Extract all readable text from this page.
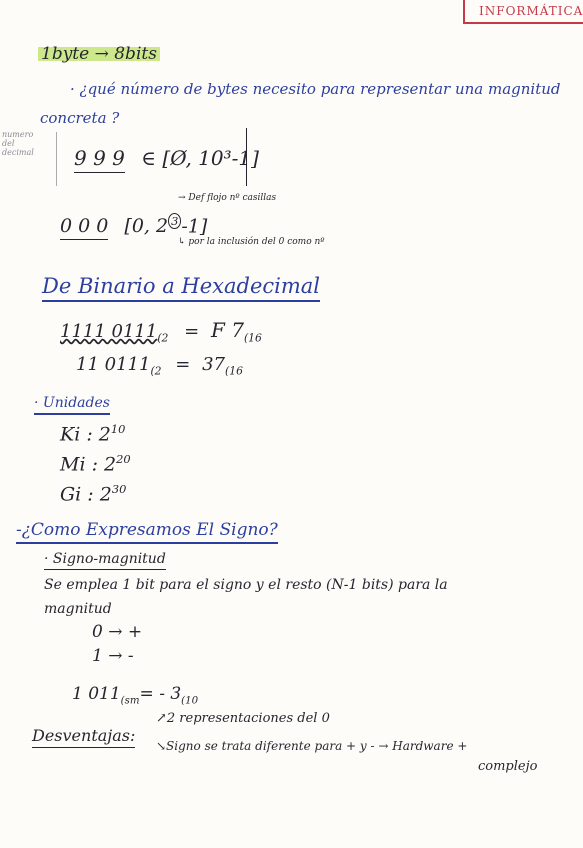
INFORMÁTICA
1byte → 8bits
· ¿qué número de bytes necesito para representar una magnitud
concreta ?
numero
del
decimal 9 9 9 ∈ [Ø, 10³-1]
→ Def flojo nº casillas
0 0 0 [0, 2 $^3$ -1]
↳ por la inclusión del 0 como nº
De Binario a Hexadecimal
1111 $0111_{(2} = F$ $7_{(16}$
11 $0111_{(2} = 37_{(16}$
· Unidades
Ki : $2^{10}$
Mi : $2^{20}$
Gi : $2^{30}$
-¿Como Expresamos El Signo?
· Signo-magnitud
Se emplea 1 bit para el signo y el resto (N-1 bits) para la
magnitud
0 → +
1 → -
1 $011_{(sm}= - 3_{(10}$
Desventajas:
↗2 representaciones del 0
↘Signo se trata diferente para + y - → Hardware +
complejo
